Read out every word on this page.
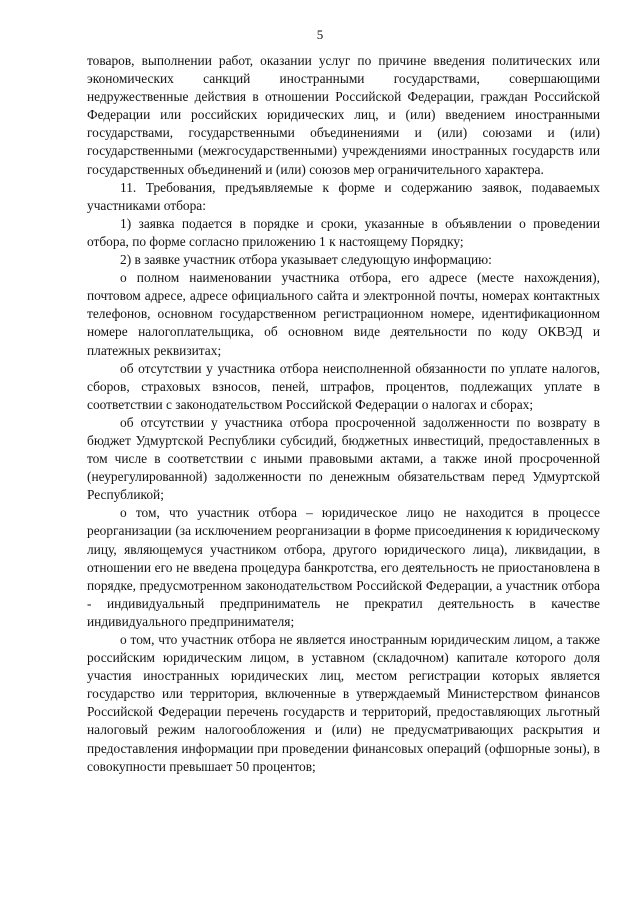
5

товаров, выполнении работ, оказании услуг по причине введения политических или экономических санкций иностранными государствами, совершающими недружественные действия в отношении Российской Федерации, граждан Российской Федерации или российских юридических лиц, и (или) введением иностранными государствами, государственными объединениями и (или) союзами и (или) государственными (межгосударственными) учреждениями иностранных государств или государственных объединений и (или) союзов мер ограничительного характера.

11. Требования, предъявляемые к форме и содержанию заявок, подаваемых участниками отбора:

1) заявка подается в порядке и сроки, указанные в объявлении о проведении отбора, по форме согласно приложению 1 к настоящему Порядку;

2) в заявке участник отбора указывает следующую информацию:

о полном наименовании участника отбора, его адресе (месте нахождения), почтовом адресе, адресе официального сайта и электронной почты, номерах контактных телефонов, основном государственном регистрационном номере, идентификационном номере налогоплательщика, об основном виде деятельности по коду ОКВЭД и платежных реквизитах;

об отсутствии у участника отбора неисполненной обязанности по уплате налогов, сборов, страховых взносов, пеней, штрафов, процентов, подлежащих уплате в соответствии с законодательством Российской Федерации о налогах и сборах;

об отсутствии у участника отбора просроченной задолженности по возврату в бюджет Удмуртской Республики субсидий, бюджетных инвестиций, предоставленных в том числе в соответствии с иными правовыми актами, а также иной просроченной (неурегулированной) задолженности по денежным обязательствам перед Удмуртской Республикой;

о том, что участник отбора – юридическое лицо не находится в процессе реорганизации (за исключением реорганизации в форме присоединения к юридическому лицу, являющемуся участником отбора, другого юридического лица), ликвидации, в отношении его не введена процедура банкротства, его деятельность не приостановлена в порядке, предусмотренном законодательством Российской Федерации, а участник отбора - индивидуальный предприниматель не прекратил деятельность в качестве индивидуального предпринимателя;

о том, что участник отбора не является иностранным юридическим лицом, а также российским юридическим лицом, в уставном (складочном) капитале которого доля участия иностранных юридических лиц, местом регистрации которых является государство или территория, включенные в утверждаемый Министерством финансов Российской Федерации перечень государств и территорий, предоставляющих льготный налоговый режим налогообложения и (или) не предусматривающих раскрытия и предоставления информации при проведении финансовых операций (офшорные зоны), в совокупности превышает 50 процентов;
